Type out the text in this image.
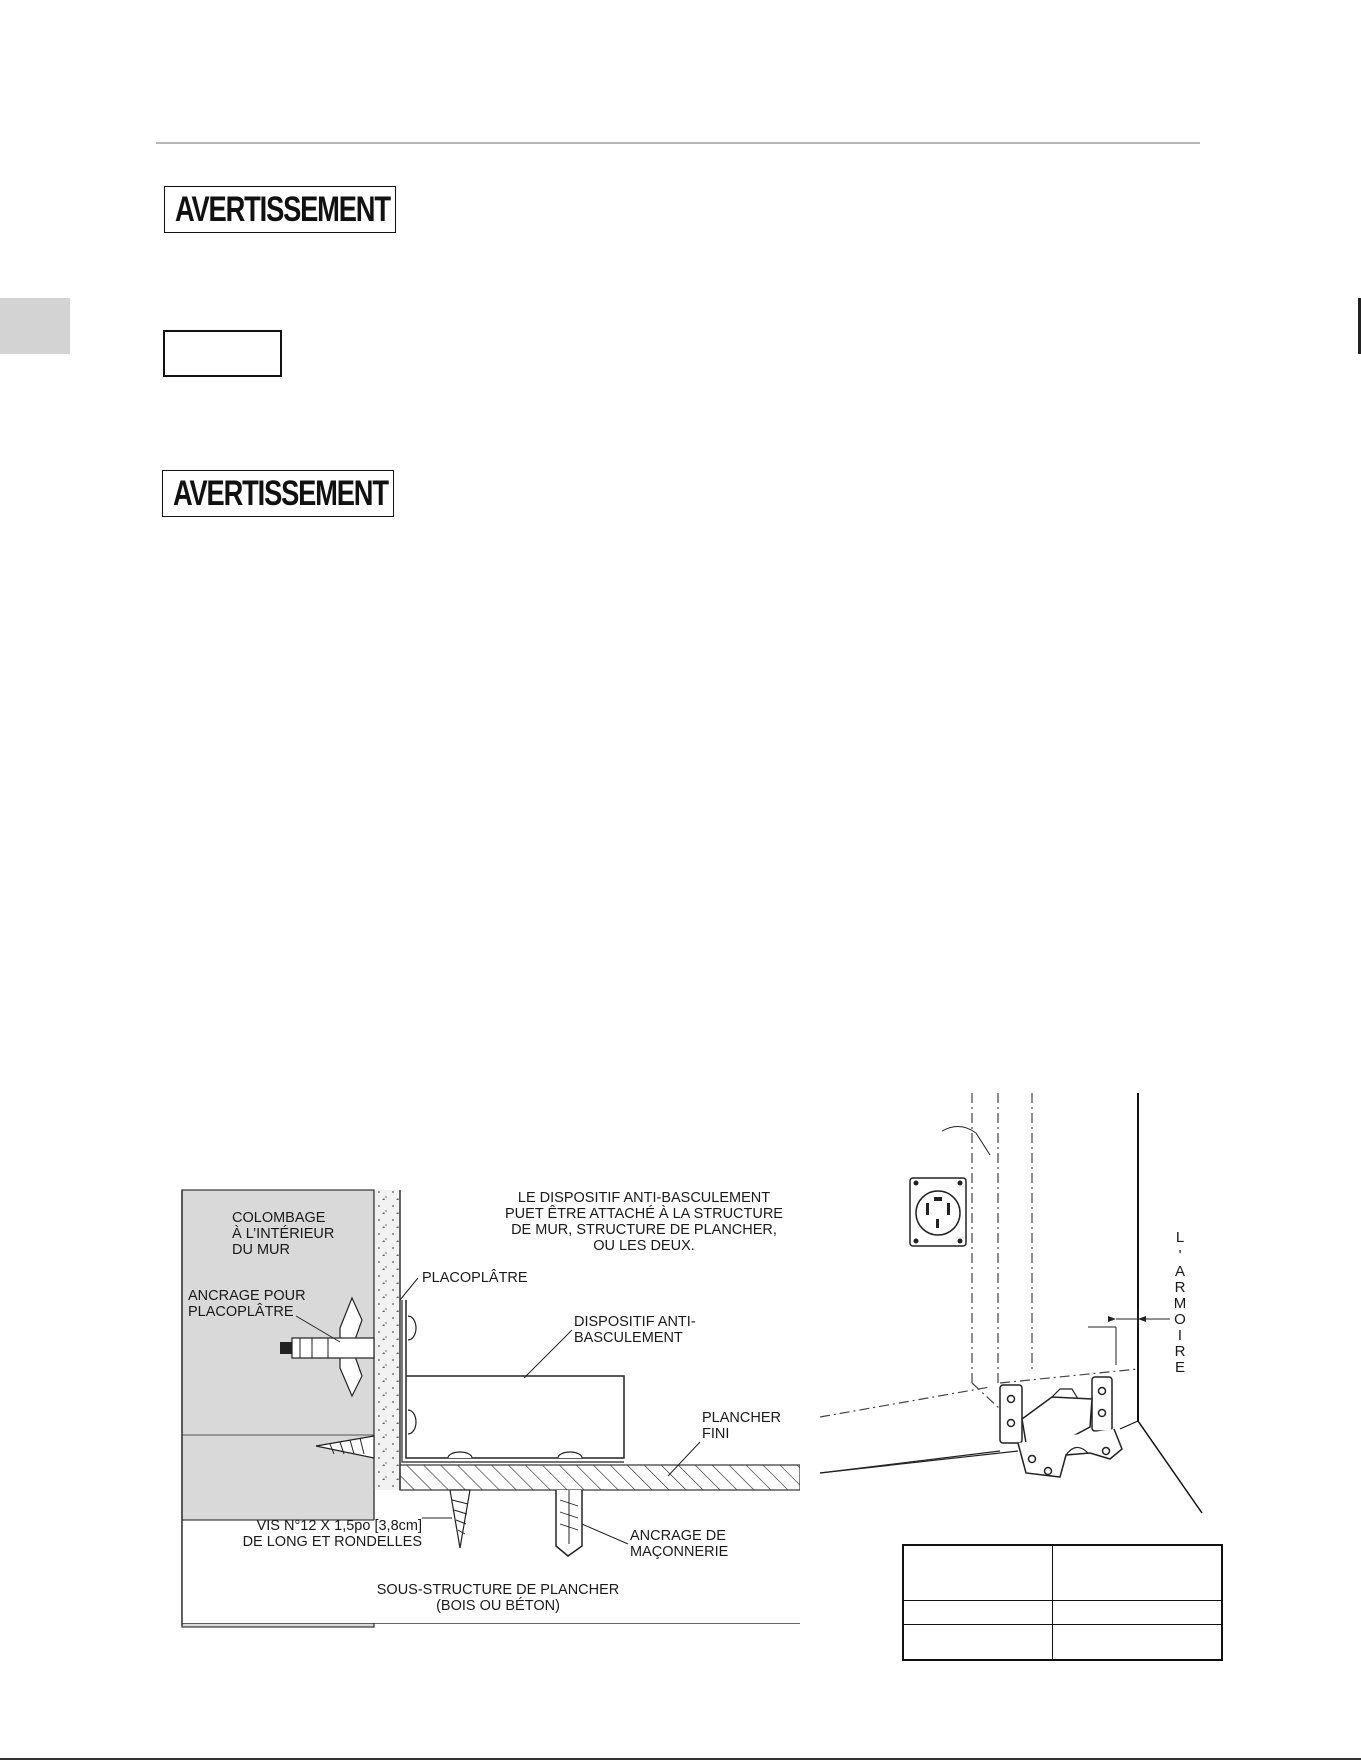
AVERTISSEMENT
AVERTISSEMENT
COLOMBAGE
À L’INTÉRIEUR
DU MUR
LE DISPOSITIF ANTI-BASCULEMENT
PUET ÊTRE ATTACHÉ À LA STRUCTURE
DE MUR, STRUCTURE DE PLANCHER,
OU LES DEUX.
PLACOPLÂTRE
ANCRAGE POUR
PLACOPLÂTRE
DISPOSITIF ANTI-
BASCULEMENT
PLANCHER
FINI
VIS N°12 X 1,5po [3,8cm]
DE LONG ET RONDELLES	ANCRAGE DE
MAÇONNERIE
SOUS-STRUCTURE DE PLANCHER
(BOIS OU BÉTON)
L
'
A
R
M
O
I
R
E
